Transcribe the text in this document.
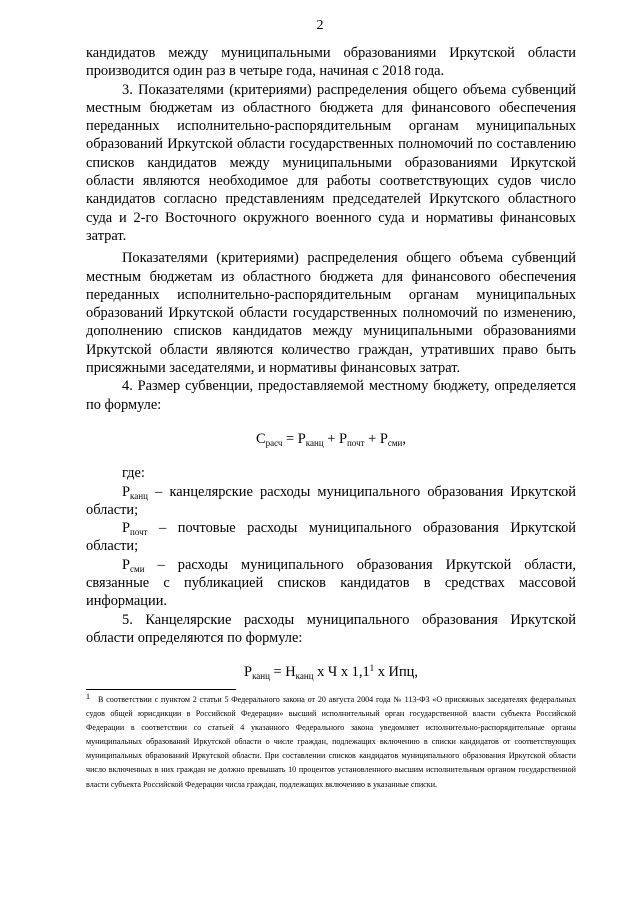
2

кандидатов между муниципальными образованиями Иркутской области производится один раз в четыре года, начиная с 2018 года.

3. Показателями (критериями) распределения общего объема субвенций местным бюджетам из областного бюджета для финансового обеспечения переданных исполнительно-распорядительным органам муниципальных образований Иркутской области государственных полномочий по составлению списков кандидатов между муниципальными образованиями Иркутской области являются необходимое для работы соответствующих судов число кандидатов согласно представлениям председателей Иркутского областного суда и 2-го Восточного окружного военного суда и нормативы финансовых затрат.

Показателями (критериями) распределения общего объема субвенций местным бюджетам из областного бюджета для финансового обеспечения переданных исполнительно-распорядительным органам муниципальных образований Иркутской области государственных полномочий по изменению, дополнению списков кандидатов между муниципальными образованиями Иркутской области являются количество граждан, утративших право быть присяжными заседателями, и нормативы финансовых затрат.

4. Размер субвенции, предоставляемой местному бюджету, определяется по формуле:

$C_{расч} = P_{канц} + P_{почт} + P_{сми}$,

где:

$P_{канц}$ – канцелярские расходы муниципального образования Иркутской области;

$P_{почт}$ – почтовые расходы муниципального образования Иркутской области;

$P_{сми}$ – расходы муниципального образования Иркутской области, связанные с публикацией списков кандидатов в средствах массовой информации.

5. Канцелярские расходы муниципального образования Иркутской области определяются по формуле:

$P_{канц} = H_{канц}$ x Ч x $1,1^1$ x Ипц,

$^1$ В соответствии с пунктом 2 статьи 5 Федерального закона от 20 августа 2004 года № 113-ФЗ «О присяжных заседателях федеральных судов общей юрисдикции в Российской Федерации» высший исполнительный орган государственной власти субъекта Российской Федерации в соответствии со статьей 4 указанного Федерального закона уведомляет исполнительно-распорядительные органы муниципальных образований Иркутской области о числе граждан, подлежащих включению в списки кандидатов от соответствующих муниципальных образований Иркутской области. При составлении списков кандидатов муниципального образования Иркутской области число включенных в них граждан не должно превышать 10 процентов установленного высшим исполнительным органом государственной власти субъекта Российской Федерации числа граждан, подлежащих включению в указанные списки.
